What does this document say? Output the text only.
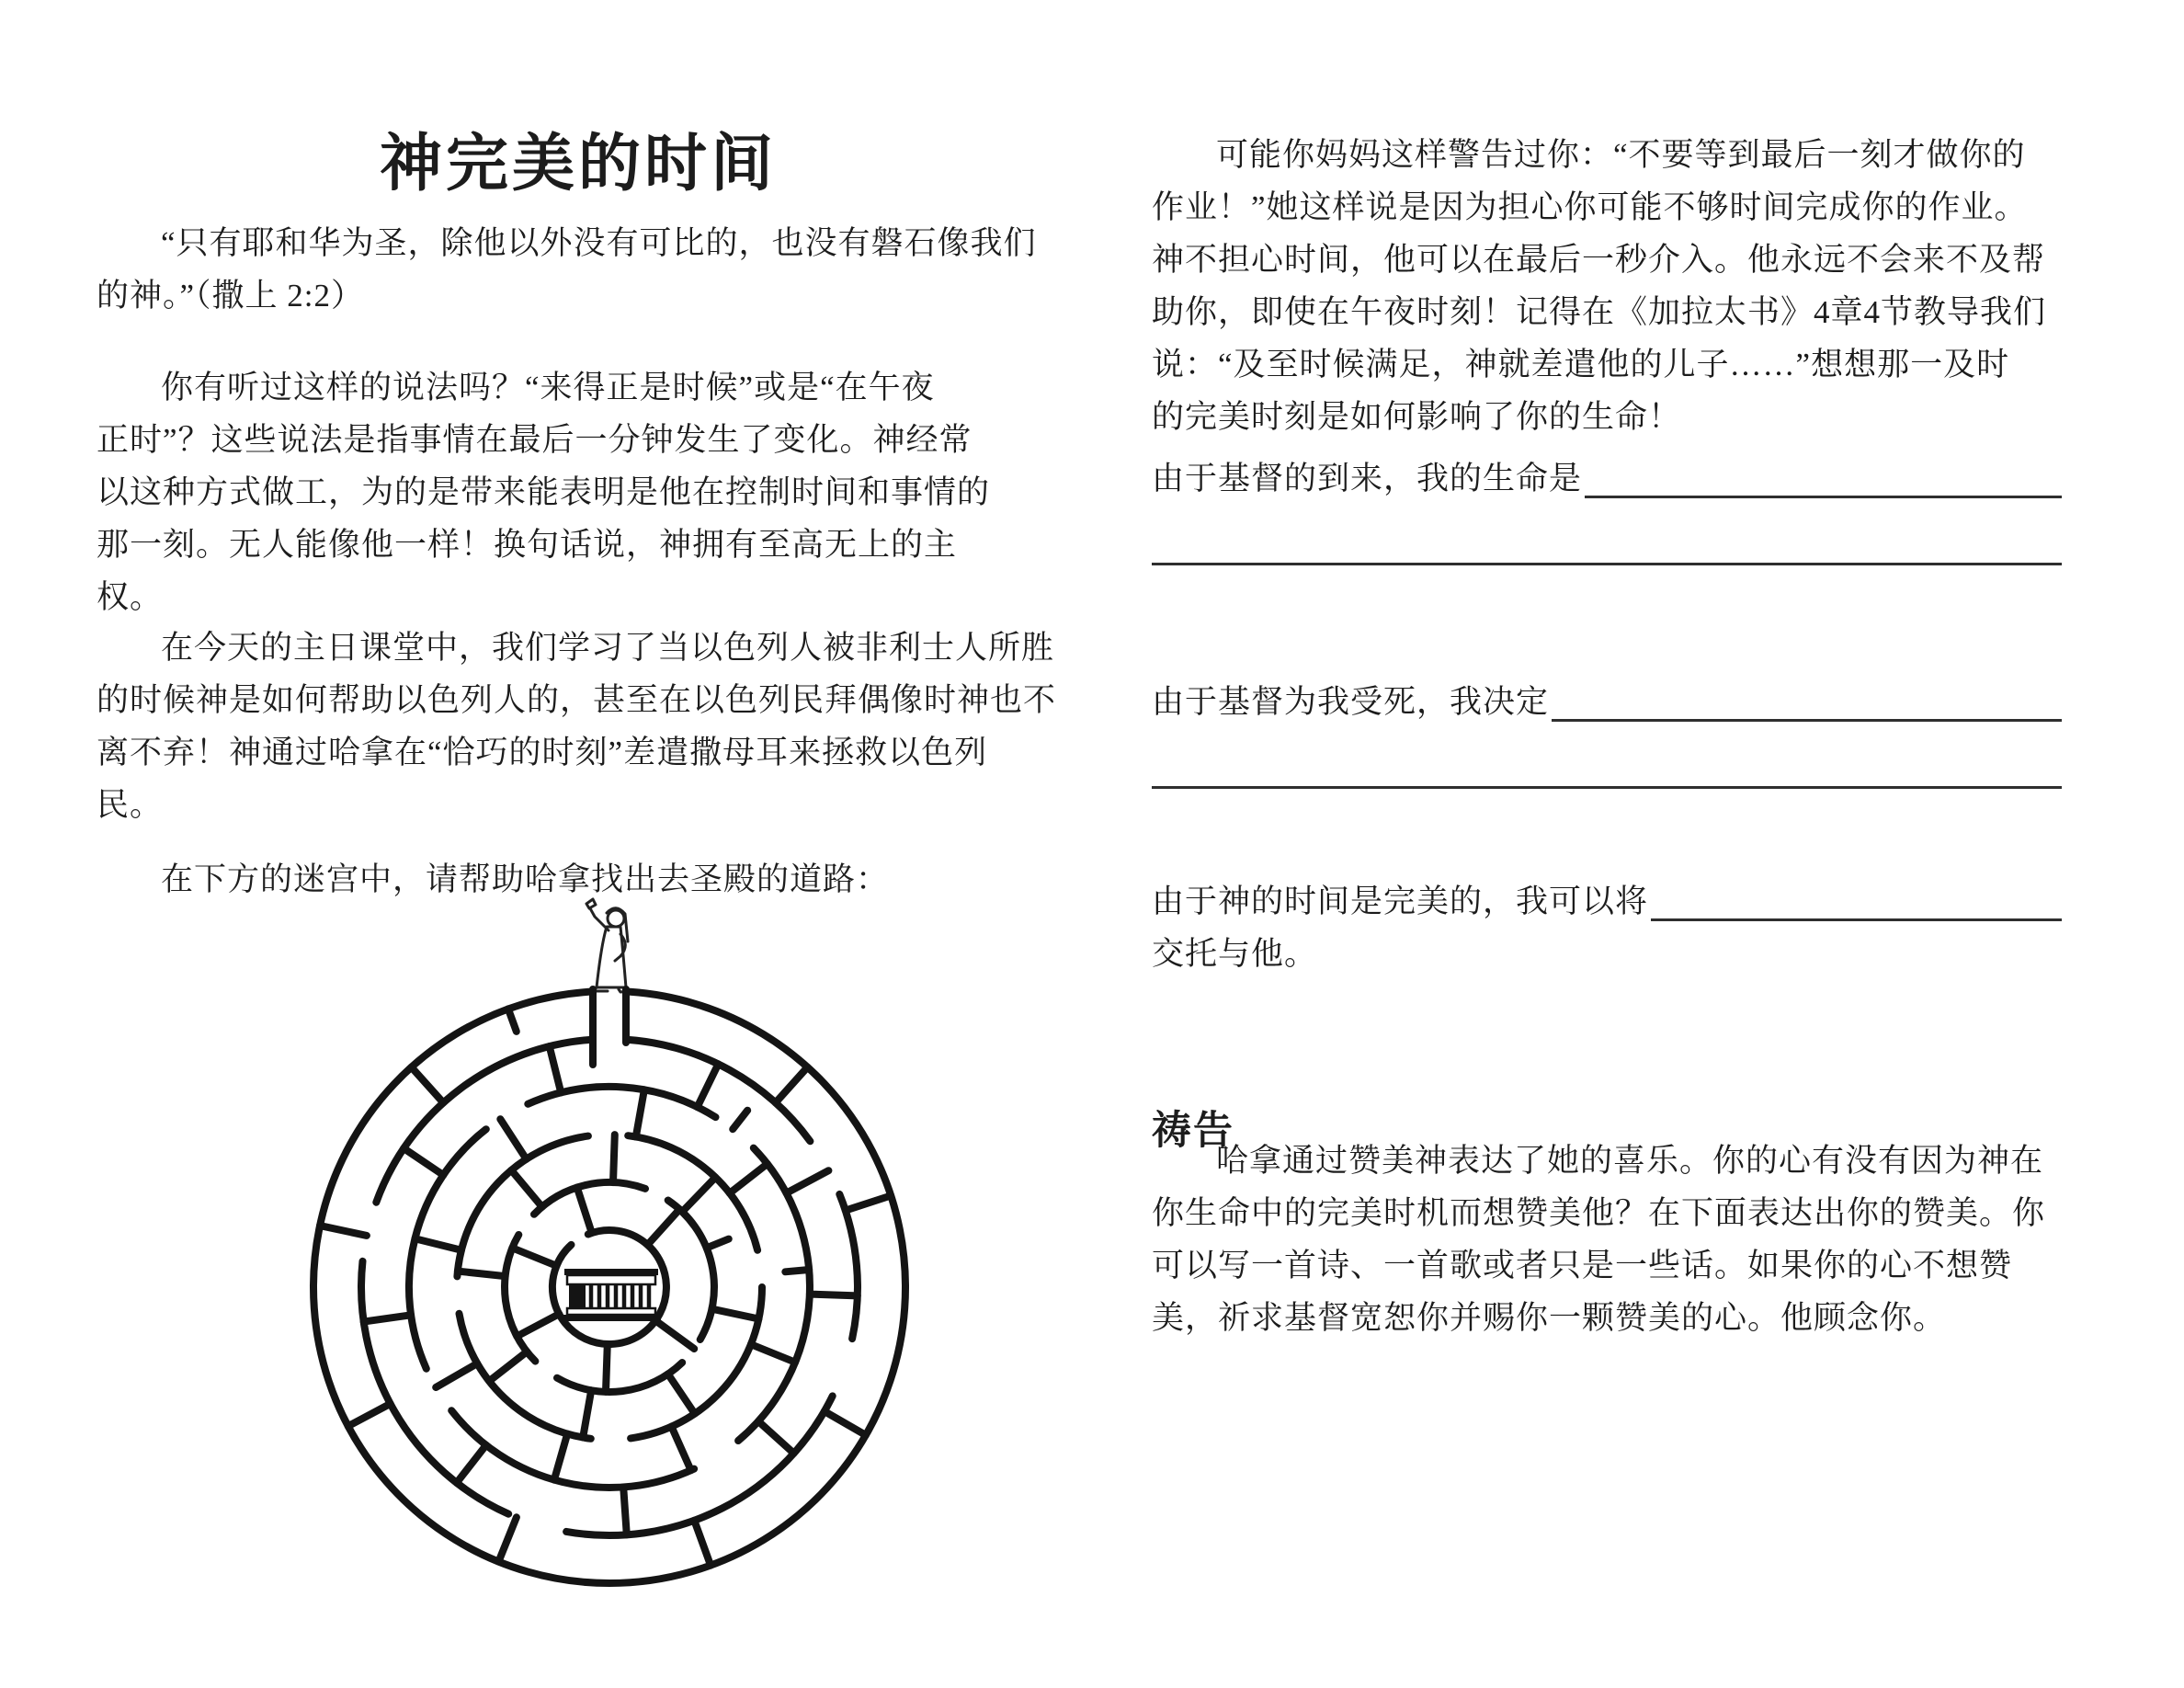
神完美的时间
“只有耶和华为圣，除他以外没有可比的，也没有磐石像我们
的神。”（撒上 2:2）
你有听过这样的说法吗？“来得正是时候”或是“在午夜
正时”？这些说法是指事情在最后一分钟发生了变化。神经常
以这种方式做工，为的是带来能表明是他在控制时间和事情的
那一刻。无人能像他一样！换句话说，神拥有至高无上的主
权。
在今天的主日课堂中，我们学习了当以色列人被非利士人所胜
的时候神是如何帮助以色列人的，甚至在以色列民拜偶像时神也不
离不弃！神通过哈拿在“恰巧的时刻”差遣撒母耳来拯救以色列
民。
在下方的迷宫中，请帮助哈拿找出去圣殿的道路：
可能你妈妈这样警告过你：“不要等到最后一刻才做你的
作业！”她这样说是因为担心你可能不够时间完成你的作业。
神不担心时间，他可以在最后一秒介入。他永远不会来不及帮
助你，即使在午夜时刻！记得在《加拉太书》4章4节教导我们
说：“及至时候满足，神就差遣他的儿子……”想想那一及时
的完美时刻是如何影响了你的生命！
由于基督的到来，我的生命是
由于基督为我受死，我决定
由于神的时间是完美的，我可以将
交托与他。
祷告
哈拿通过赞美神表达了她的喜乐。你的心有没有因为神在
你生命中的完美时机而想赞美他？在下面表达出你的赞美。你
可以写一首诗、一首歌或者只是一些话。如果你的心不想赞
美，祈求基督宽恕你并赐你一颗赞美的心。他顾念你。
